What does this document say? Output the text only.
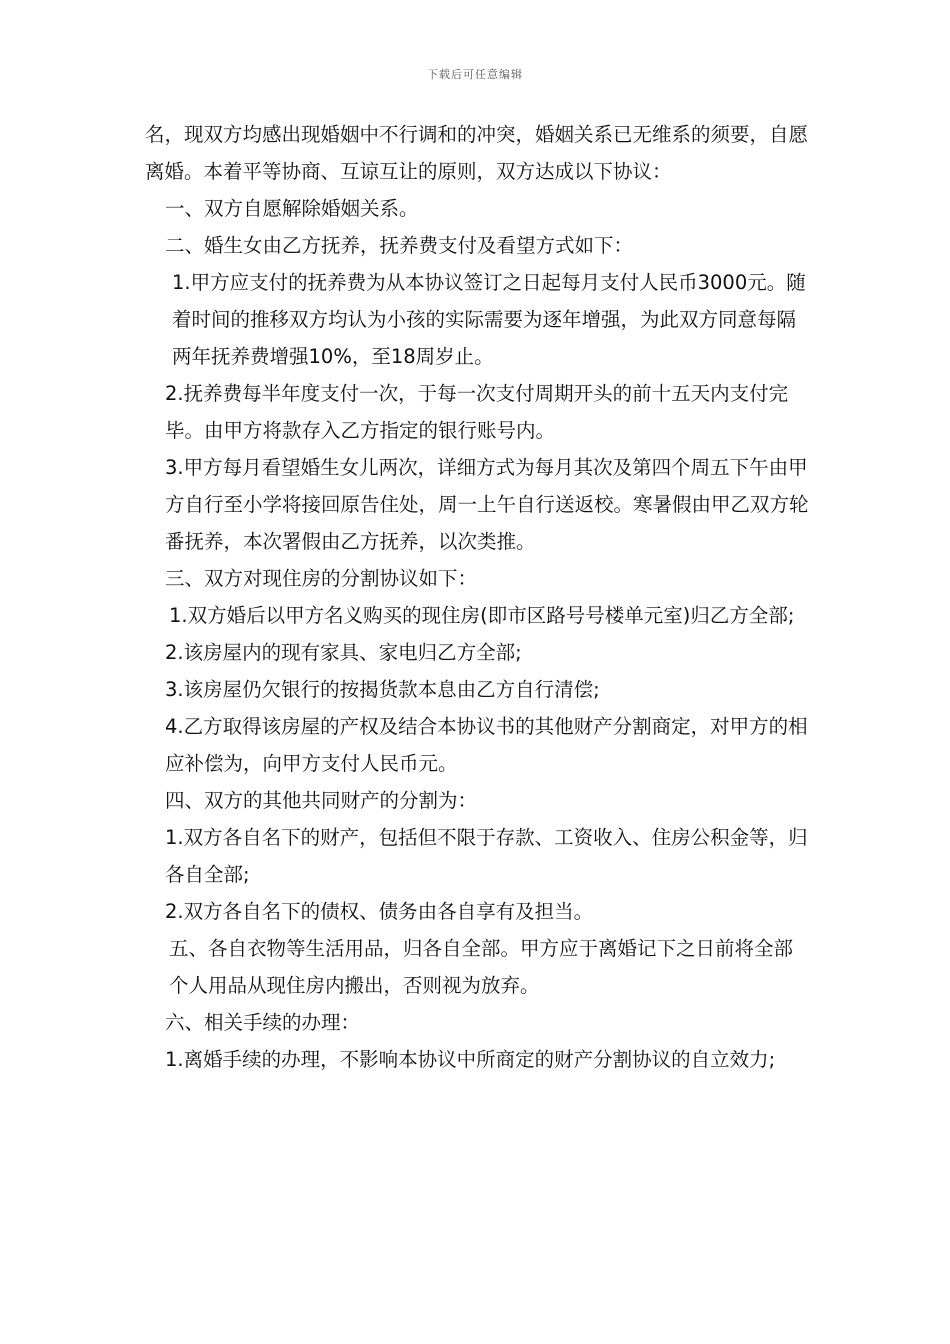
下载后可任意编辑

名，现双方均感出现婚姻中不行调和的冲突，婚姻关系已无维系的须要，自愿离婚。本着平等协商、互谅互让的原则，双方达成以下协议：

一、双方自愿解除婚姻关系。

二、婚生女由乙方抚养，抚养费支付及看望方式如下：

1.甲方应支付的抚养费为从本协议签订之日起每月支付人民币3000元。随着时间的推移双方均认为小孩的实际需要为逐年增强，为此双方同意每隔两年抚养费增强10%，至18周岁止。

2.抚养费每半年度支付一次，于每一次支付周期开头的前十五天内支付完毕。由甲方将款存入乙方指定的银行账号内。

3.甲方每月看望婚生女儿两次，详细方式为每月其次及第四个周五下午由甲方自行至小学将接回原告住处，周一上午自行送返校。寒暑假由甲乙双方轮番抚养，本次署假由乙方抚养，以次类推。

三、双方对现住房的分割协议如下：

1.双方婚后以甲方名义购买的现住房(即市区路号号楼单元室)归乙方全部;

2.该房屋内的现有家具、家电归乙方全部;

3.该房屋仍欠银行的按揭货款本息由乙方自行清偿;

4.乙方取得该房屋的产权及结合本协议书的其他财产分割商定，对甲方的相应补偿为，向甲方支付人民币元。

四、双方的其他共同财产的分割为：

1.双方各自名下的财产，包括但不限于存款、工资收入、住房公积金等，归各自全部;

2.双方各自名下的债权、债务由各自享有及担当。

五、各自衣物等生活用品，归各自全部。甲方应于离婚记下之日前将全部个人用品从现住房内搬出，否则视为放弃。

六、相关手续的办理：

1.离婚手续的办理，不影响本协议中所商定的财产分割协议的自立效力;
